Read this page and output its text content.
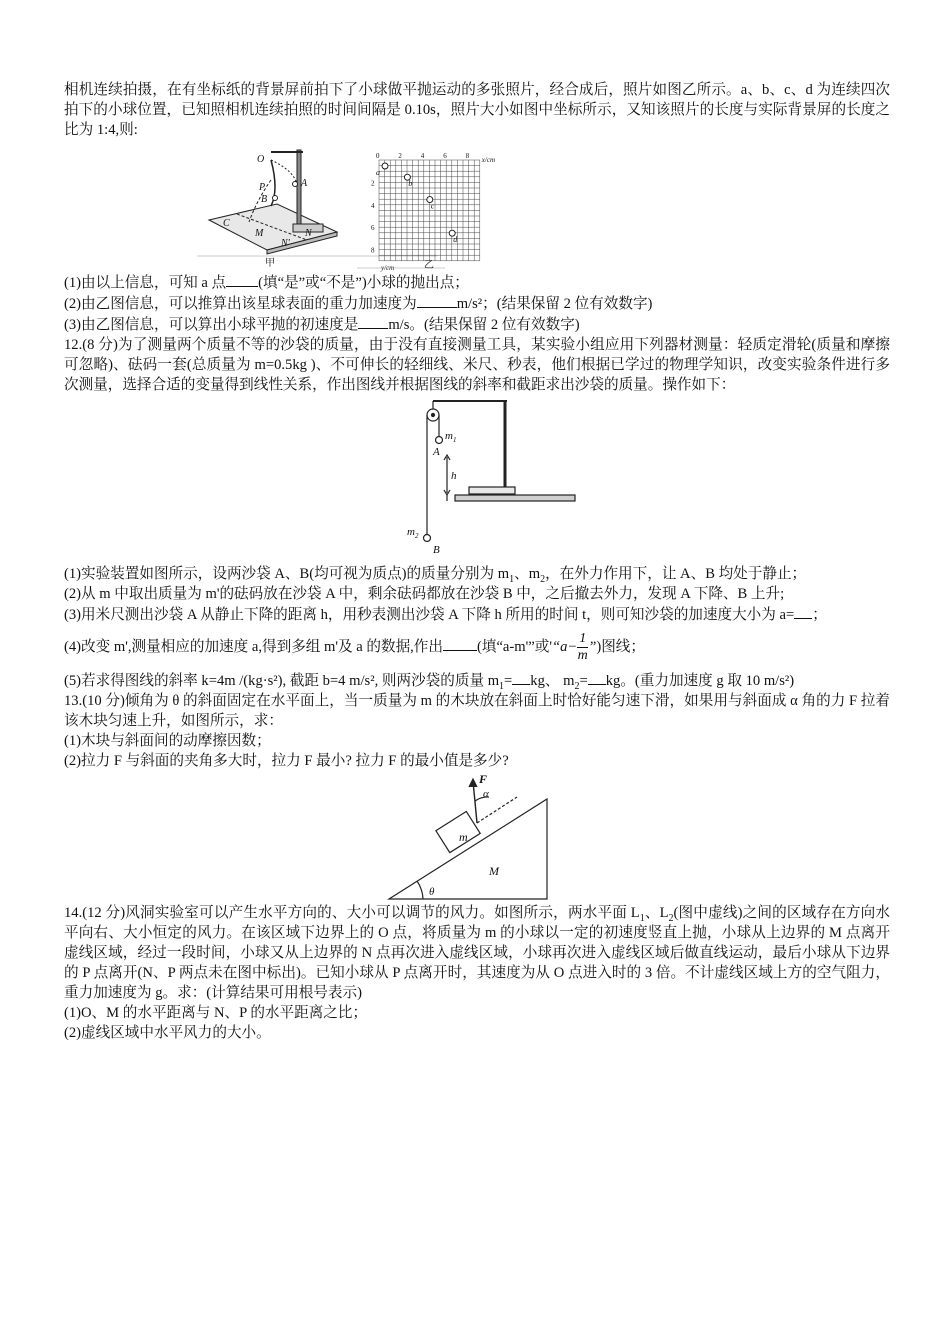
相机连续拍摄，在有坐标纸的背景屏前拍下了小球做平抛运动的多张照片，经合成后，照片如图乙所示。a、b、c、d 为连续四次拍下的小球位置，已知照相机连续拍照的时间间隔是 0.10s，照片大小如图中坐标所示，又知该照片的长度与实际背景屏的长度之比为 1:4,则:

O
P	A
B
C
M
N'
N
甲
0	2	4	6	8
2
4
6
8
x/cm
y/cm
a
b
c
d
乙

(1)由以上信息，可知 a 点 (填“是”或“不是”)小球的抛出点；

(2)由乙图信息，可以推算出该星球表面的重力加速度为	m/s²；(结果保留 2 位有效数字)

(3)由乙图信息，可以算出小球平抛的初速度是 m/s。(结果保留 2 位有效数字)

12.(8 分)为了测量两个质量不等的沙袋的质量，由于没有直接测量工具，某实验小组应用下列器材测量：轻质定滑轮(质量和摩擦可忽略)、砝码一套(总质量为 m=0.5kg )、不可伸长的轻细线、米尺、秒表，他们根据已学过的物理学知识，改变实验条件进行多次测量，选择合适的变量得到线性关系，作出图线并根据图线的斜率和截距求出沙袋的质量。操作如下：

$m_1$
A
h
$m_2$
B

(1)实验装置如图所示，设两沙袋 A、B(均可视为质点)的质量分别为 $m_1$、$m_2$，在外力作用下，让 A、B 均处于静止；

(2)从 m 中取出质量为 m'的砝码放在沙袋 A 中，剩余砝码都放在沙袋 B 中，之后撤去外力，发现 A 下降、B 上升;

(3)用米尺测出沙袋 A 从静止下降的距离 h，用秒表测出沙袋 A 下降 h 所用的时间 t，则可知沙袋的加速度大小为 a= ；

(4)改变 m',测量相应的加速度 a,得到多组 m'及 a 的数据,作出 (填“a-m'”或'“$a- \frac{1}{m}$ ”)图线；

(5)若求得图线的斜率 k=4m /(kg·s²), 截距 b=4 m/s², 则两沙袋的质量 $m_1=$ kg、 $m_2=$ kg。(重力加速度 g 取 10 m/s²)

13.(10 分)倾角为 θ 的斜面固定在水平面上，当一质量为 m 的木块放在斜面上时恰好能匀速下滑，如果用与斜面成 α 角的力 F 拉着该木块匀速上升，如图所示，求：

(1)木块与斜面间的动摩擦因数；

(2)拉力 F 与斜面的夹角多大时，拉力 F 最小? 拉力 F 的最小值是多少?

F
α
m
M
θ

14.(12 分)风洞实验室可以产生水平方向的、大小可以调节的风力。如图所示，两水平面 $L_1$、$L_2$(图中虚线)之间的区域存在方向水平向右、大小恒定的风力。在该区域下边界上的 O 点，将质量为 m 的小球以一定的初速度竖直上抛，小球从上边界的 M 点离开虚线区域，经过一段时间，小球又从上边界的 N 点再次进入虚线区域，小球再次进入虚线区域后做直线运动，最后小球从下边界的 P 点离开(N、P 两点未在图中标出)。已知小球从 P 点离开时，其速度为从 O 点进入时的 3 倍。不计虚线区域上方的空气阻力，重力加速度为 g。求：(计算结果可用根号表示)

(1)O、M 的水平距离与 N、P 的水平距离之比；

(2)虚线区域中水平风力的大小。
